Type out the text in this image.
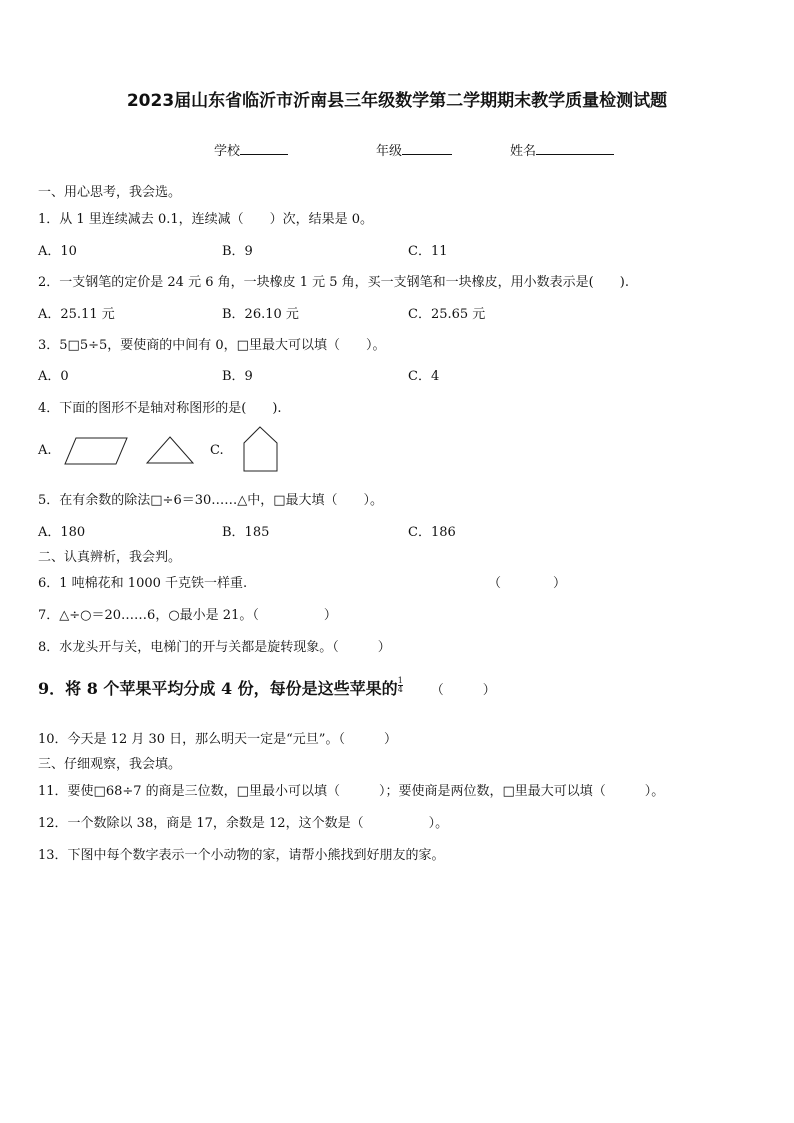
2023届山东省临沂市沂南县三年级数学第二学期期末教学质量检测试题
学校	年级	姓名
一、用心思考，我会选。
1．从 1 里连续减去 0.1，连续减（　　）次，结果是 0。
A．10	B．9	C．11
2．一支钢笔的定价是 24 元 6 角，一块橡皮 1 元 5 角，买一支钢笔和一块橡皮，用小数表示是(　　).
A．25.11 元	B．26.10 元	C．25.65 元
3．5□5÷5，要使商的中间有 0，□里最大可以填（　　）。
A．0	B．9	C．4
4．下面的图形不是轴对称图形的是(　　).
A.	C.
5．在有余数的除法□÷6＝30……△中，□最大填（　　）。
A．180	B．185	C．186
二、认真辨析，我会判。
6．1 吨棉花和 1000 千克铁一样重.	（　　　　）
7．△÷○＝20……6，○最小是 21。（　　　　　）
8．水龙头开与关，电梯门的开与关都是旋转现象。（　　　）
9．将 8 个苹果平均分成 4 份，每份是这些苹果的 $\frac{1}{4}$ （　　　）
10．今天是 12 月 30 日，那么明天一定是“元旦”。（　　　）
三、仔细观察，我会填。
11．要使□68÷7 的商是三位数，□里最小可以填（　　　）；要使商是两位数，□里最大可以填（　　　）。
12．一个数除以 38，商是 17，余数是 12，这个数是（　　　　　）。
13．下图中每个数字表示一个小动物的家，请帮小熊找到好朋友的家。
